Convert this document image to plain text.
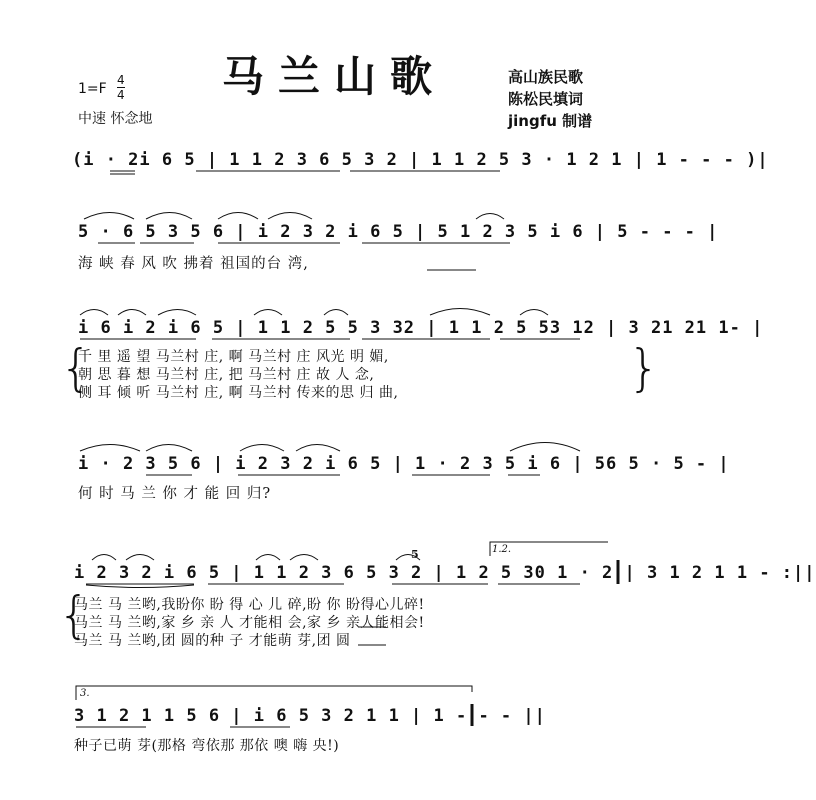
马兰山歌	高山族民歌
陈松民填词
jingfu 制谱
1=F
4
4
中速 怀念地
(i · 2i 6 5 | 1 1 2 3 6 5 3 2 | 1 1 2 5 3 · 1 2 1 | 1 - - - )|
5 · 6 5 3 5 6 | i 2 3 2 i 6 5 | 5 1 2 3 5 i 6 | 5 - - - |
海 峡 春 风 吹 拂着 祖国的台 湾,
i 6 i 2 i 6 5 | 1 1 2 5 5 3 32 | 1 1 2 5 53 12 | 3 21 21 1- |
{	}
千 里 遥 望 马兰村 庄, 啊 马兰村 庄 风光 明 媚,
朝 思 暮 想 马兰村 庄, 把 马兰村 庄 故 人 念,
侧 耳 倾 听 马兰村 庄, 啊 马兰村 传来的思 归 曲,
i · 2 3 5 6 | i 2 3 2 i 6 5 | 1 · 2 3 5 i 6 | 56 5 · 5 - |
何 时 马 兰 你 才 能 回 归?
1.2.
5
i 2 3 2 i 6 5 | 1 1 2 3 6 5 3 2 | 1 2 5 30 1 · 2 | 3 1 2 1 1 - :||
{
马兰 马 兰哟,我盼你 盼 得 心 儿 碎,盼 你 盼得心儿碎!
马兰 马 兰哟,家 乡 亲 人 才能相 会,家 乡 亲人能相会!
马兰 马 兰哟,团 圆的种 子 才能萌 芽,团 圆
3.
3 1 2 1 1 5 6 | i 6 5 3 2 1 1 | 1 - - - ||
种子已萌 芽(那格 弯依那 那依 噢 嗨 央!)
